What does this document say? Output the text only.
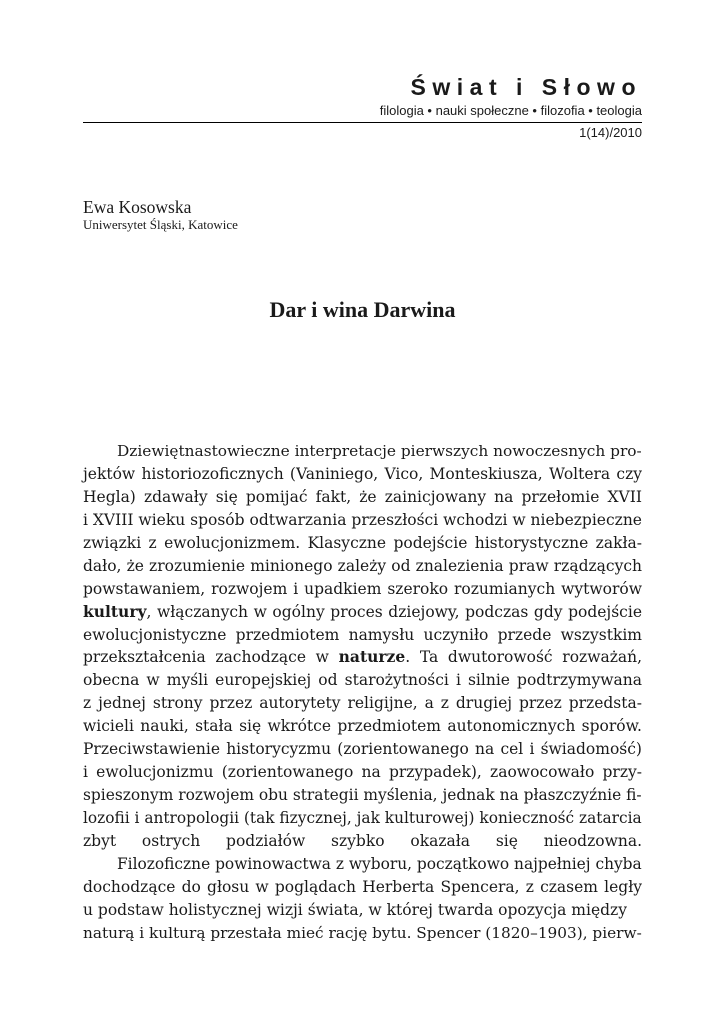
Świat i Słowo
filologia • nauki społeczne • filozofia • teologia
1(14)/2010
Ewa Kosowska
Uniwersytet Śląski, Katowice
Dar i wina Darwina
Dziewiętnastowieczne interpretacje pierwszych nowoczesnych pro-
jektów historiozoficznych (Vaniniego, Vico, Monteskiusza, Woltera czy
Hegla) zdawały się pomijać fakt, że zainicjowany na przełomie XVII
i XVIII wieku sposób odtwarzania przeszłości wchodzi w niebezpieczne
związki z ewolucjonizmem. Klasyczne podejście historystyczne zakła-
dało, że zrozumienie minionego zależy od znalezienia praw rządzących
powstawaniem, rozwojem i upadkiem szeroko rozumianych wytworów
kultury, włączanych w ogólny proces dziejowy, podczas gdy podejście
ewolucjonistyczne przedmiotem namysłu uczyniło przede wszystkim
przekształcenia zachodzące w naturze. Ta dwutorowość rozważań,
obecna w myśli europejskiej od starożytności i silnie podtrzymywana
z jednej strony przez autorytety religijne, a z drugiej przez przedsta-
wicieli nauki, stała się wkrótce przedmiotem autonomicznych sporów.
Przeciwstawienie historycyzmu (zorientowanego na cel i świadomość)
i ewolucjonizmu (zorientowanego na przypadek), zaowocowało przy-
spieszonym rozwojem obu strategii myślenia, jednak na płaszczyźnie fi-
lozofii i antropologii (tak fizycznej, jak kulturowej) konieczność zatarcia
zbyt ostrych podziałów szybko okazała się nieodzowna.
Filozoficzne powinowactwa z wyboru, początkowo najpełniej chyba
dochodzące do głosu w poglądach Herberta Spencera, z czasem legły
u podstaw holistycznej wizji świata, w której twarda opozycja między
naturą i kulturą przestała mieć rację bytu. Spencer (1820–1903), pierw-
